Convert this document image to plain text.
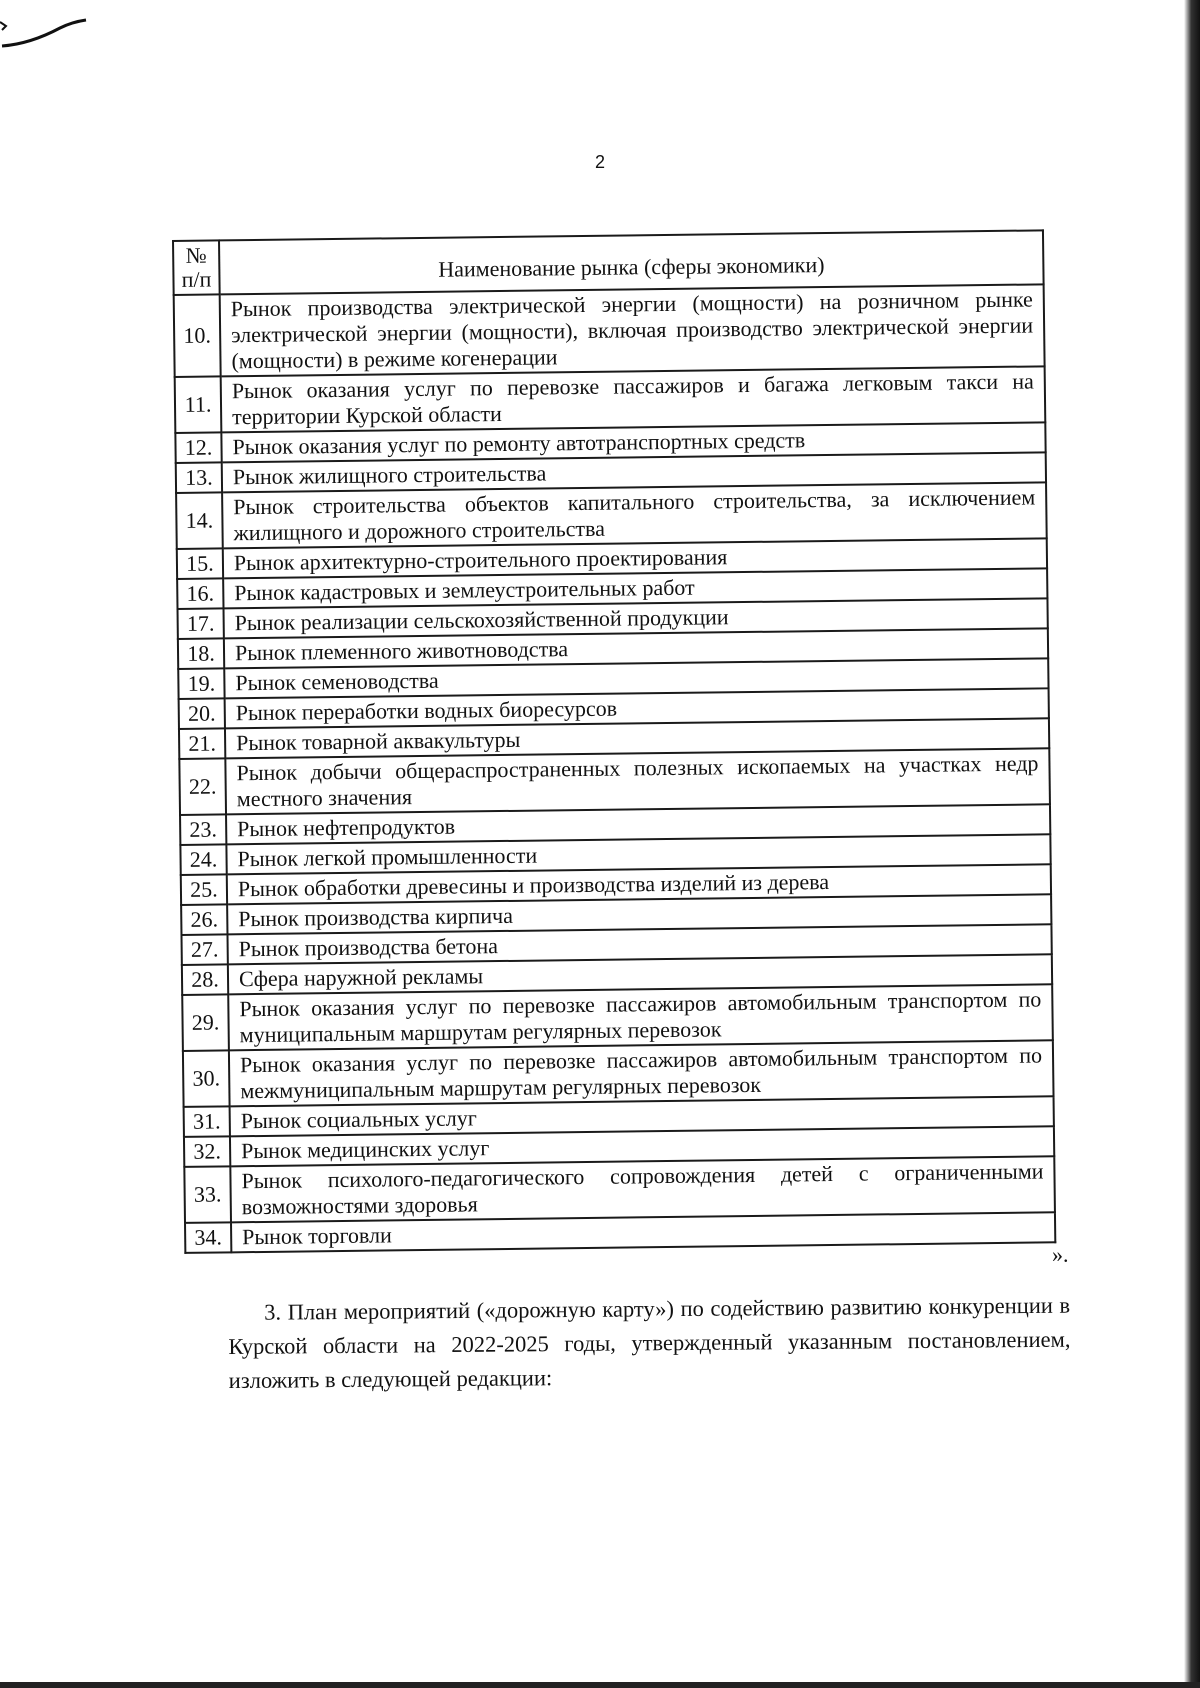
2
№ п/п	Наименование рынка (сферы экономики)
10.	Рынок производства электрической энергии (мощности) на розничном рынке электрической энергии (мощности), включая производство электрической энергии (мощности) в режиме когенерации
11.	Рынок оказания услуг по перевозке пассажиров и багажа легковым такси на территории Курской области
12.	Рынок оказания услуг по ремонту автотранспортных средств
13.	Рынок жилищного строительства
14.	Рынок строительства объектов капитального строительства, за исключением жилищного и дорожного строительства
15.	Рынок архитектурно-строительного проектирования
16.	Рынок кадастровых и землеустроительных работ
17.	Рынок реализации сельскохозяйственной продукции
18.	Рынок племенного животноводства
19.	Рынок семеноводства
20.	Рынок переработки водных биоресурсов
21.	Рынок товарной аквакультуры
22.	Рынок добычи общераспространенных полезных ископаемых на участках недр местного значения
23.	Рынок нефтепродуктов
24.	Рынок легкой промышленности
25.	Рынок обработки древесины и производства изделий из дерева
26.	Рынок производства кирпича
27.	Рынок производства бетона
28.	Сфера наружной рекламы
29.	Рынок оказания услуг по перевозке пассажиров автомобильным транспортом по муниципальным маршрутам регулярных перевозок
30.	Рынок оказания услуг по перевозке пассажиров автомобильным транспортом по межмуниципальным маршрутам регулярных перевозок
31.	Рынок социальных услуг
32.	Рынок медицинских услуг
33.	Рынок психолого-педагогического сопровождения детей с ограниченными возможностями здоровья
34.	Рынок торговли
».
3. План мероприятий («дорожную карту») по содействию развитию конкуренции в Курской области на 2022-2025 годы, утвержденный указанным постановлением, изложить в следующей редакции:
